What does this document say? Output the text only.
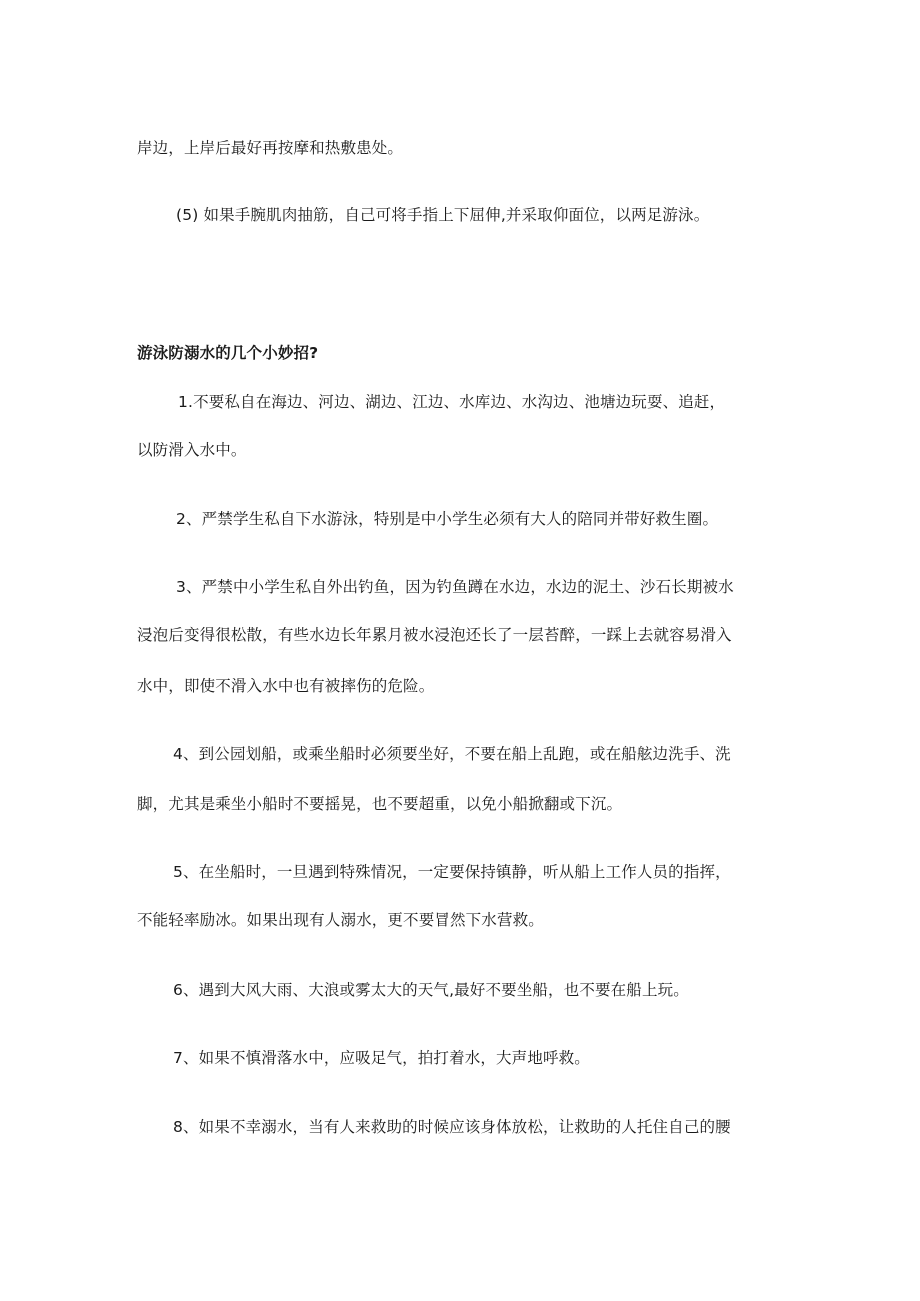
岸边，上岸后最好再按摩和热敷患处。

(5) 如果手腕肌肉抽筋，自己可将手指上下屈伸,并采取仰面位，以两足游泳。

游泳防溺水的几个小妙招?

1.不要私自在海边、河边、湖边、江边、水库边、水沟边、池塘边玩耍、追赶，

以防滑入水中。

2、严禁学生私自下水游泳，特别是中小学生必须有大人的陪同并带好救生圈。

3、严禁中小学生私自外出钓鱼，因为钓鱼蹲在水边，水边的泥土、沙石长期被水

浸泡后变得很松散，有些水边长年累月被水浸泡还长了一层苔醉，一踩上去就容易滑入

水中，即使不滑入水中也有被摔伤的危险。

4、到公园划船，或乘坐船时必须要坐好，不要在船上乱跑，或在船舷边洗手、洗

脚，尤其是乘坐小船时不要摇晃，也不要超重，以免小船掀翻或下沉。

5、在坐船时，一旦遇到特殊情况，一定要保持镇静，听从船上工作人员的指挥，

不能轻率励冰。如果出现有人溺水，更不要冒然下水营救。

6、遇到大风大雨、大浪或雾太大的天气,最好不要坐船，也不要在船上玩。

7、如果不慎滑落水中，应吸足气，拍打着水，大声地呼救。

8、如果不幸溺水，当有人来救助的时候应该身体放松，让救助的人托住自己的腰
